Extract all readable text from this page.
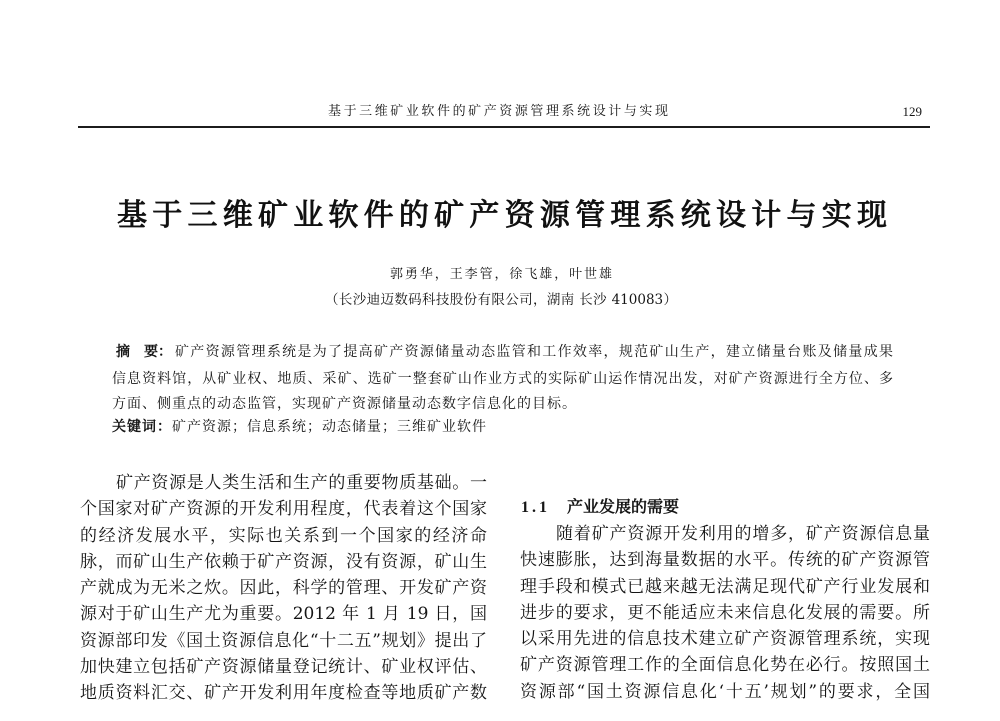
基于三维矿业软件的矿产资源管理系统设计与实现	129
基于三维矿业软件的矿产资源管理系统设计与实现
郭勇华，王李管，徐飞雄，叶世雄
（长沙迪迈数码科技股份有限公司，湖南 长沙 410083）
摘　要： 矿产资源管理系统是为了提高矿产资源储量动态监管和工作效率，规范矿山生产，建立储量台账及储量成果
信息资料馆，从矿业权、地质、采矿、选矿一整套矿山作业方式的实际矿山运作情况出发，对矿产资源进行全方位、多
方面、侧重点的动态监管，实现矿产资源储量动态数字信息化的目标。
关键词：矿产资源；信息系统；动态储量；三维矿业软件
矿产资源是人类生活和生产的重要物质基础。一
个国家对矿产资源的开发利用程度，代表着这个国家
的经济发展水平，实际也关系到一个国家的经济命
脉，而矿山生产依赖于矿产资源，没有资源，矿山生
产就成为无米之炊。因此，科学的管理、开发矿产资
源对于矿山生产尤为重要。2012 年 1 月 19 日，国
资源部印发《国土资源信息化“十二五”规划》提出了
加快建立包括矿产资源储量登记统计、矿业权评估、
地质资料汇交、矿产开发利用年度检查等地质矿产数
1.1 产业发展的需要
随着矿产资源开发利用的增多，矿产资源信息量
快速膨胀，达到海量数据的水平。传统的矿产资源管
理手段和模式已越来越无法满足现代矿产行业发展和
进步的要求，更不能适应未来信息化发展的需要。所
以采用先进的信息技术建立矿产资源管理系统，实现
矿产资源管理工作的全面信息化势在必行。按照国土
资源部“国土资源信息化‘十五’规划”的要求，全国
